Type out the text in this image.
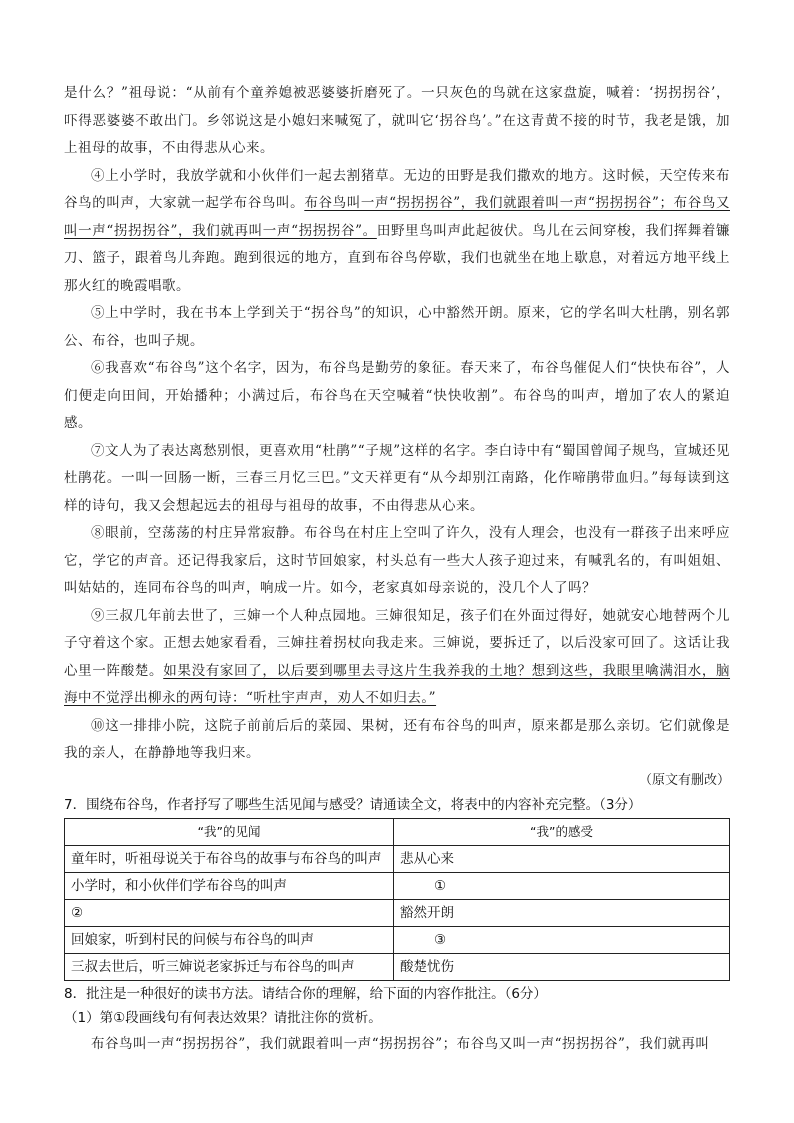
是什么？”祖母说：“从前有个童养媳被恶婆婆折磨死了。一只灰色的鸟就在这家盘旋，喊着：‘拐拐拐谷’，吓得恶婆婆不敢出门。乡邻说这是小媳妇来喊冤了，就叫它‘拐谷鸟’。”在这青黄不接的时节，我老是饿，加上祖母的故事，不由得悲从心来。

④上小学时，我放学就和小伙伴们一起去割猪草。无边的田野是我们撒欢的地方。这时候，天空传来布谷鸟的叫声，大家就一起学布谷鸟叫。布谷鸟叫一声“拐拐拐谷”，我们就跟着叫一声“拐拐拐谷”；布谷鸟又叫一声“拐拐拐谷”，我们就再叫一声“拐拐拐谷”。田野里鸟叫声此起彼伏。鸟儿在云间穿梭，我们挥舞着镰刀、篮子，跟着鸟儿奔跑。跑到很远的地方，直到布谷鸟停歇，我们也就坐在地上歇息，对着远方地平线上那火红的晚霞唱歌。

⑤上中学时，我在书本上学到关于“拐谷鸟”的知识，心中豁然开朗。原来，它的学名叫大杜鹃，别名郭公、布谷，也叫子规。

⑥我喜欢“布谷鸟”这个名字，因为，布谷鸟是勤劳的象征。春天来了，布谷鸟催促人们“快快布谷”，人们便走向田间，开始播种；小满过后，布谷鸟在天空喊着“快快收割”。布谷鸟的叫声，增加了农人的紧迫感。

⑦文人为了表达离愁别恨，更喜欢用“杜鹃”“子规”这样的名字。李白诗中有“蜀国曾闻子规鸟，宣城还见杜鹃花。一叫一回肠一断，三春三月忆三巴。”文天祥更有“从今却别江南路，化作啼鹃带血归。”每每读到这样的诗句，我又会想起远去的祖母与祖母的故事，不由得悲从心来。

⑧眼前，空荡荡的村庄异常寂静。布谷鸟在村庄上空叫了许久，没有人理会，也没有一群孩子出来呼应它，学它的声音。还记得我家后，这时节回娘家，村头总有一些大人孩子迎过来，有喊乳名的，有叫姐姐、叫姑姑的，连同布谷鸟的叫声，响成一片。如今，老家真如母亲说的，没几个人了吗？

⑨三叔几年前去世了，三婶一个人种点园地。三婶很知足，孩子们在外面过得好，她就安心地替两个儿子守着这个家。正想去她家看看，三婶拄着拐杖向我走来。三婶说，要拆迁了，以后没家可回了。这话让我心里一阵酸楚。如果没有家回了，以后要到哪里去寻这片生我养我的土地？想到这些，我眼里噙满泪水，脑海中不觉浮出柳永的两句诗：“听杜宇声声，劝人不如归去。”

⑩这一排排小院，这院子前前后后的菜园、果树，还有布谷鸟的叫声，原来都是那么亲切。它们就像是我的亲人，在静静地等我归来。

（原文有删改）

7．围绕布谷鸟，作者抒写了哪些生活见闻与感受？请通读全文，将表中的内容补充完整。（3分）

“我”的见闻	“我”的感受
童年时，听祖母说关于布谷鸟的故事与布谷鸟的叫声	悲从心来
小学时，和小伙伴们学布谷鸟的叫声	①
②	豁然开朗
回娘家，听到村民的问候与布谷鸟的叫声	③
三叔去世后，听三婶说老家拆迁与布谷鸟的叫声	酸楚忧伤

8．批注是一种很好的读书方法。请结合你的理解，给下面的内容作批注。（6分）

（1）第①段画线句有何表达效果？请批注你的赏析。

布谷鸟叫一声“拐拐拐谷”，我们就跟着叫一声“拐拐拐谷”；布谷鸟又叫一声“拐拐拐谷”，我们就再叫
